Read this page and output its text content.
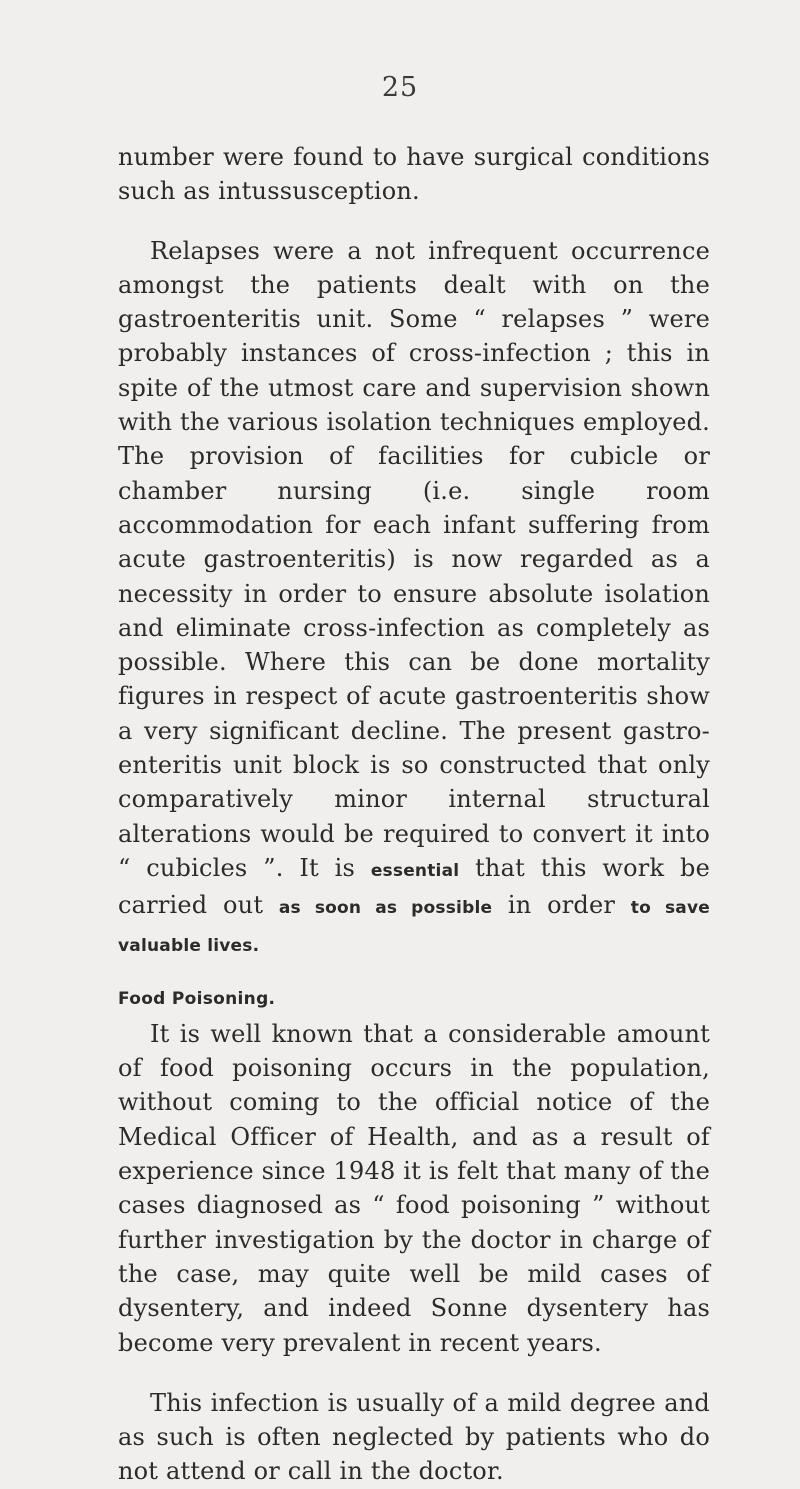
25

number were found to have surgical conditions such as intussusception.

Relapses were a not infrequent occurrence amongst the patients dealt with on the gastroenteritis unit. Some “ relapses ” were probably instances of cross-infection ; this in spite of the utmost care and supervision shown with the various isolation techniques employed. The provision of facilities for cubicle or chamber nursing (i.e. single room accommodation for each infant suffering from acute gastroenteritis) is now regarded as a necessity in order to ensure absolute isolation and eliminate cross-infection as completely as possible. Where this can be done mortality figures in respect of acute gastroenteritis show a very significant decline. The present gastro-enteritis unit block is so constructed that only comparatively minor internal structural alterations would be required to convert it into “ cubicles ”. It is essential that this work be carried out as soon as possible in order to save valuable lives.

Food Poisoning.

It is well known that a considerable amount of food poisoning occurs in the population, without coming to the official notice of the Medical Officer of Health, and as a result of experience since 1948 it is felt that many of the cases diagnosed as “ food poisoning ” without further investigation by the doctor in charge of the case, may quite well be mild cases of dysentery, and indeed Sonne dysentery has become very prevalent in recent years.

This infection is usually of a mild degree and as such is often neglected by patients who do not attend or call in the doctor.
